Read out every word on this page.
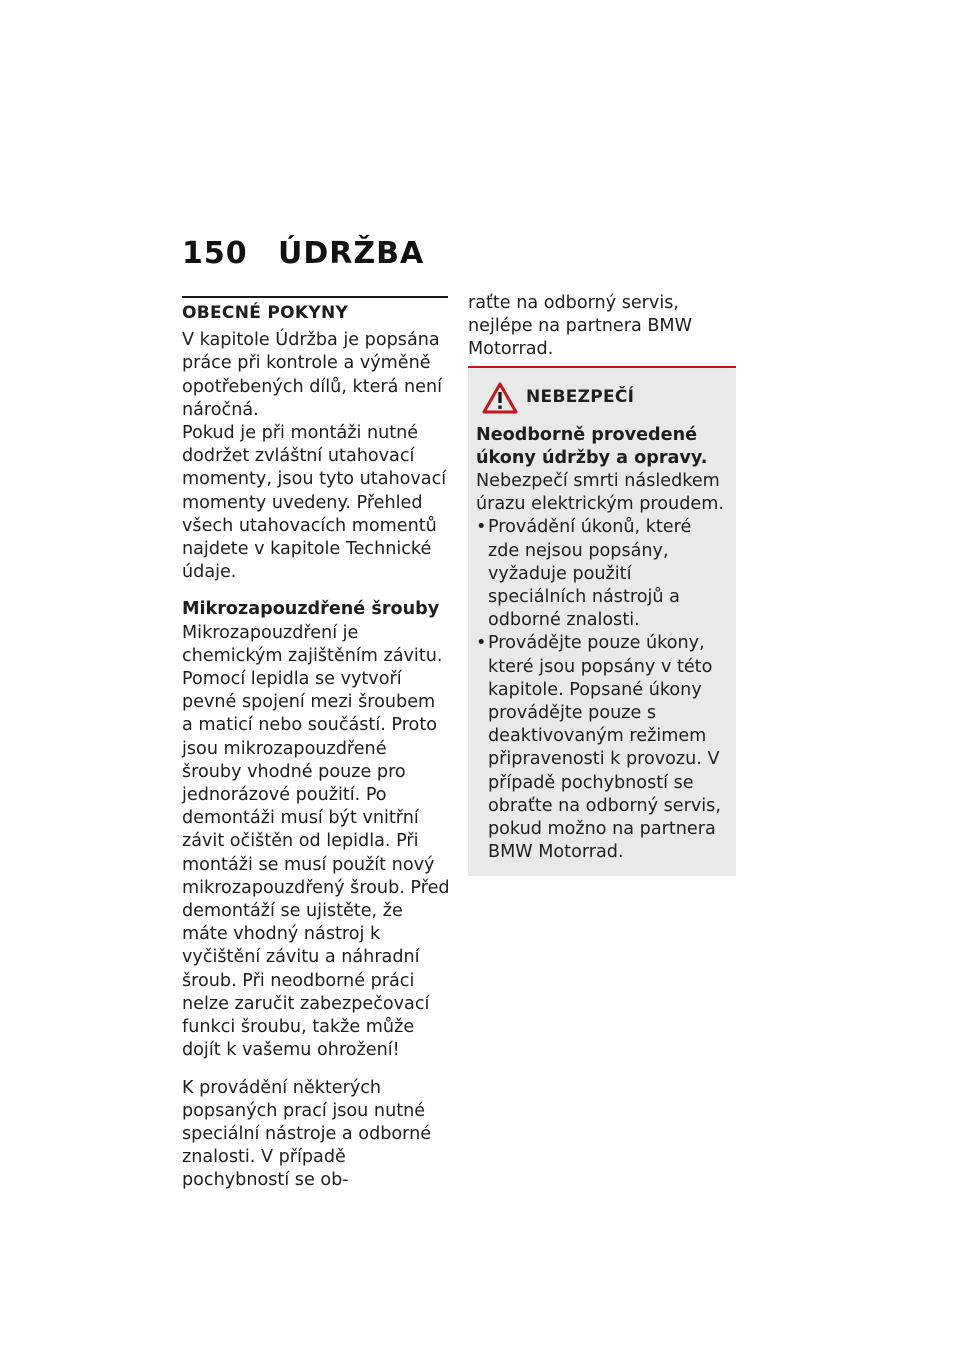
150 ÚDRŽBA
OBECNÉ POKYNY

V kapitole Údržba je popsána práce při kontrole a výměně opotřebených dílů, která není náročná.

Pokud je při montáži nutné dodržet zvláštní utahovací momenty, jsou tyto utahovací momenty uvedeny. Přehled všech utahovacích momentů najdete v kapitole Technické údaje.

Mikrozapouzdřené šrouby

Mikrozapouzdření je chemickým zajištěním závitu. Pomocí lepidla se vytvoří pevné spojení mezi šroubem a maticí nebo součástí. Proto jsou mikrozapouzdřené šrouby vhodné pouze pro jednorázové použití. Po demontáži musí být vnitřní závit očištěn od lepidla. Při montáži se musí použít nový mikrozapouzdřený šroub. Před demontáží se ujistěte, že máte vhodný nástroj k vyčištění závitu a náhradní šroub. Při neodborné práci nelze zaručit zabezpečovací funkci šroubu, takže může dojít k vašemu ohrožení!

K provádění některých popsaných prací jsou nutné speciální nástroje a odborné znalosti. V případě pochybností se ob-

raťte na odborný servis, nejlépe na partnera BMW Motorrad.

NEBEZPEČÍ

Neodborně provedené úkony údržby a opravy.

Nebezpečí smrti následkem úrazu elektrickým proudem.

• Provádění úkonů, které zde nejsou popsány, vyžaduje použití speciálních nástrojů a odborné znalosti.
• Provádějte pouze úkony, které jsou popsány v této kapitole. Popsané úkony provádějte pouze s deaktivovaným režimem připravenosti k provozu. V případě pochybností se obraťte na odborný servis, pokud možno na partnera BMW Motorrad.
